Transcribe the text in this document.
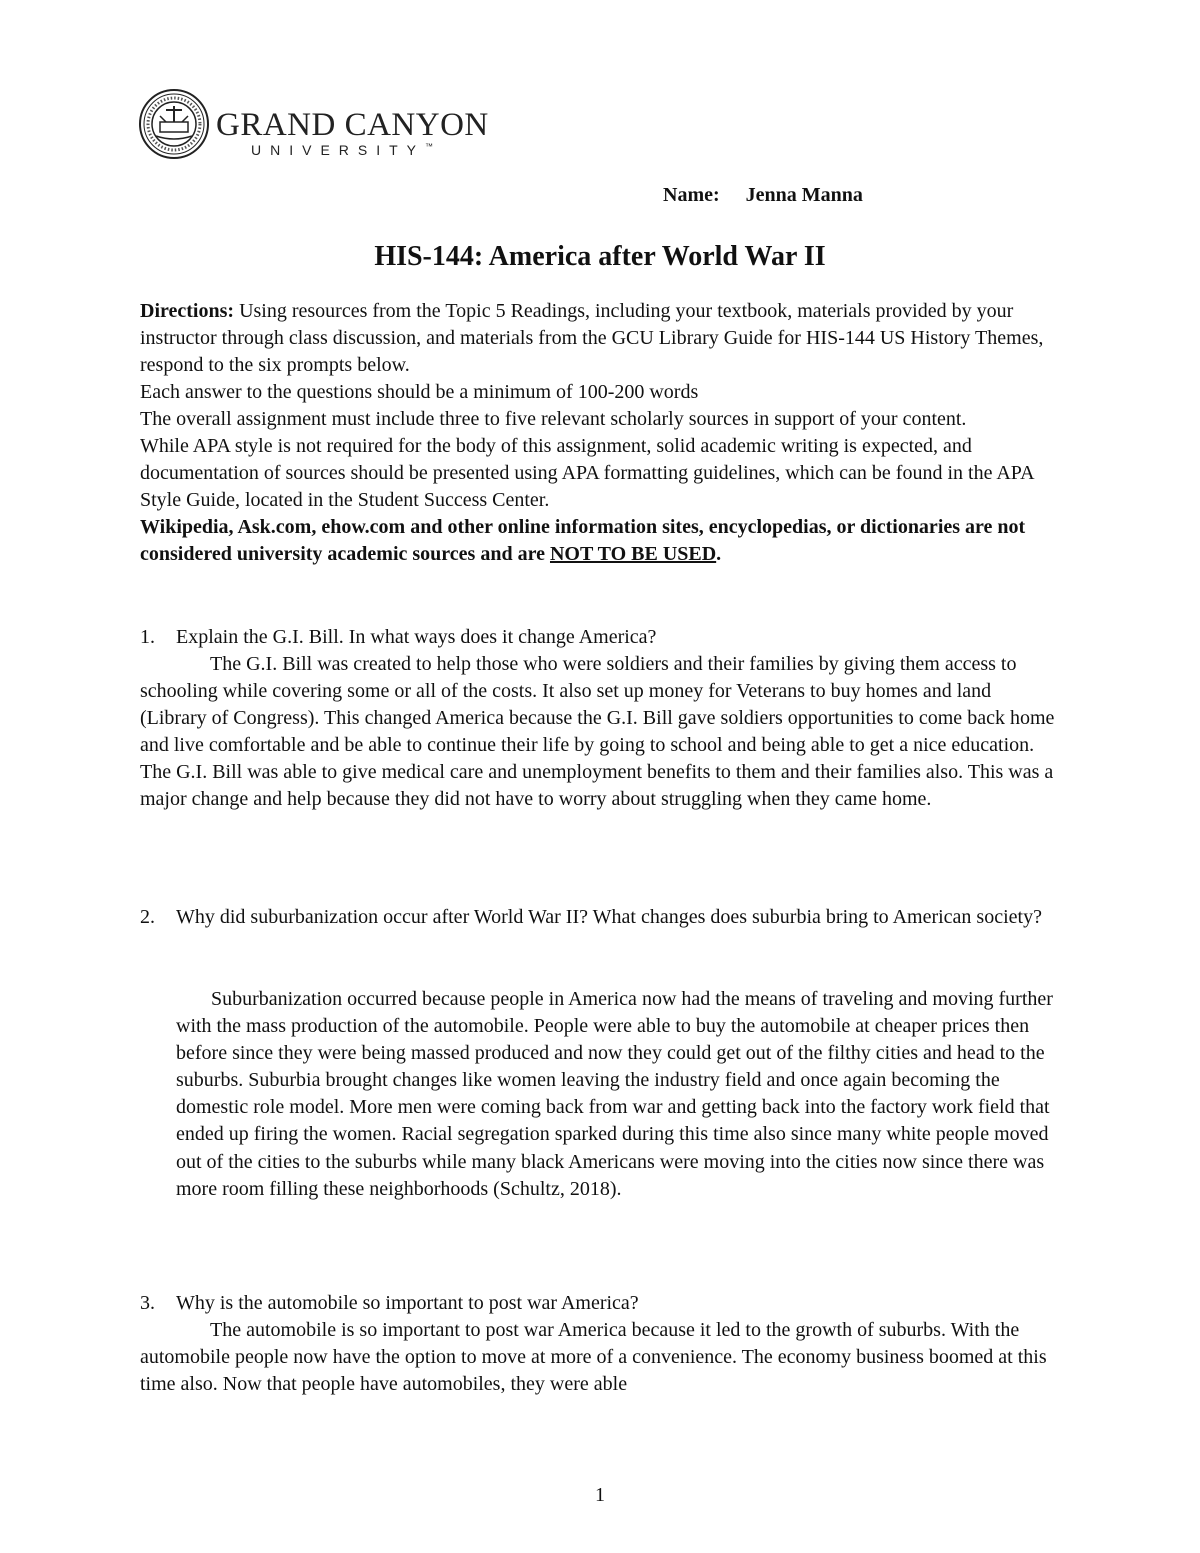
GRAND CANYON
UNIVERSITY™
Name: Jenna Manna
HIS-144: America after World War II

Directions: Using resources from the Topic 5 Readings, including your textbook, materials provided by your instructor through class discussion, and materials from the GCU Library Guide for HIS-144 US History Themes, respond to the six prompts below.

Each answer to the questions should be a minimum of 100-200 words

The overall assignment must include three to five relevant scholarly sources in support of your content.

While APA style is not required for the body of this assignment, solid academic writing is expected, and documentation of sources should be presented using APA formatting guidelines, which can be found in the APA Style Guide, located in the Student Success Center.

Wikipedia, Ask.com, ehow.com and other online information sites, encyclopedias, or dictionaries are not considered university academic sources and are NOT TO BE USED.

1.	Explain the G.I. Bill. In what ways does it change America?

The G.I. Bill was created to help those who were soldiers and their families by giving them access to schooling while covering some or all of the costs. It also set up money for Veterans to buy homes and land (Library of Congress). This changed America because the G.I. Bill gave soldiers opportunities to come back home and live comfortable and be able to continue their life by going to school and being able to get a nice education. The G.I. Bill was able to give medical care and unemployment benefits to them and their families also. This was a major change and help because they did not have to worry about struggling when they came home.

2.	Why did suburbanization occur after World War II? What changes does suburbia bring to American society?

Suburbanization occurred because people in America now had the means of traveling and moving further with the mass production of the automobile. People were able to buy the automobile at cheaper prices then before since they were being massed produced and now they could get out of the filthy cities and head to the suburbs. Suburbia brought changes like women leaving the industry field and once again becoming the domestic role model. More men were coming back from war and getting back into the factory work field that ended up firing the women. Racial segregation sparked during this time also since many white people moved out of the cities to the suburbs while many black Americans were moving into the cities now since there was more room filling these neighborhoods (Schultz, 2018).

3.	Why is the automobile so important to post war America?

The automobile is so important to post war America because it led to the growth of suburbs. With the automobile people now have the option to move at more of a convenience. The economy business boomed at this time also. Now that people have automobiles, they were able

1
